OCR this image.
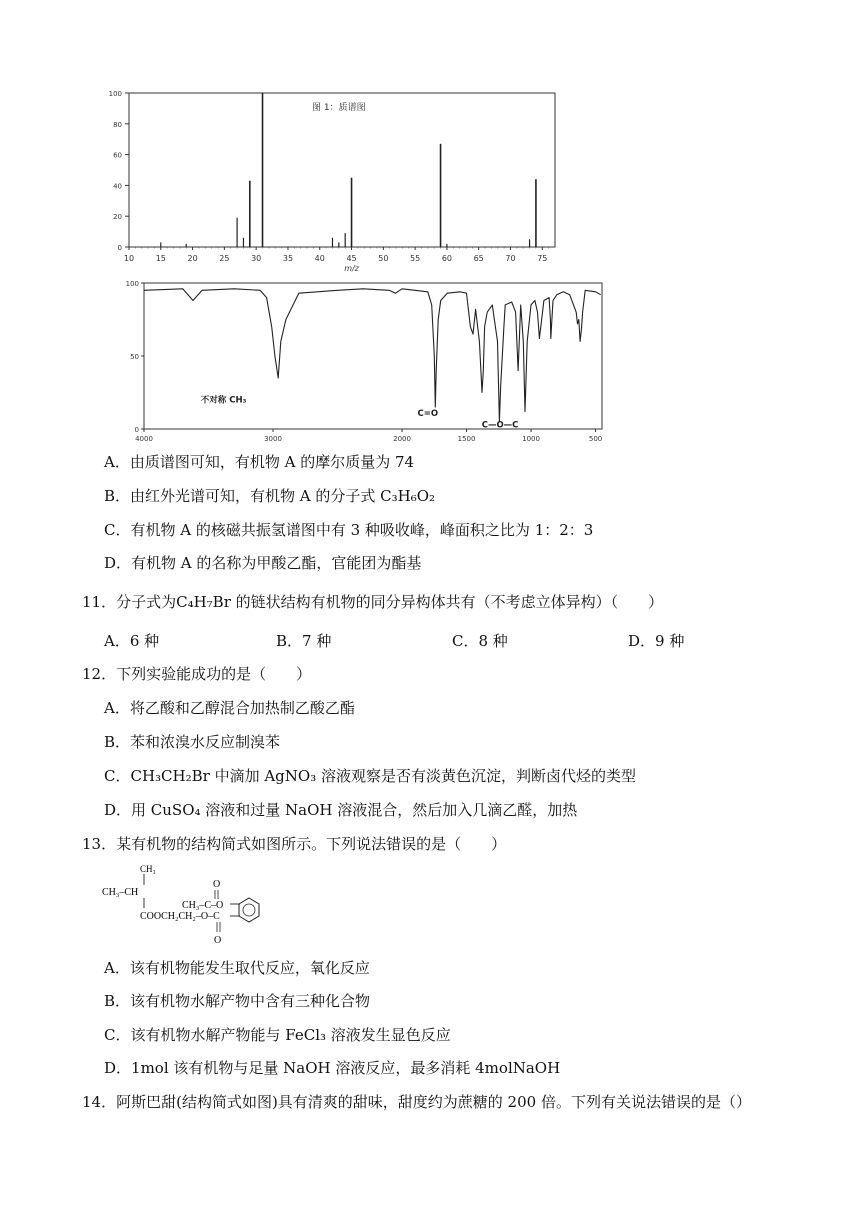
0
20
40
60
80
100
10	15	20	25	30	35	40	45	50	55	60	65	70	75
图 1：质谱图
m/z
0
50
100
4000	3000	2000	1500	1000	500
不对称 CH₃
C=O
C—O—C
A．由质谱图可知，有机物 A 的摩尔质量为 74
B．由红外光谱可知，有机物 A 的分子式 C₃H₆O₂
C．有机物 A 的核磁共振氢谱图中有 3 种吸收峰，峰面积之比为 1：2：3
D．有机物 A 的名称为甲酸乙酯，官能团为酯基
11．分子式为C₄H₇Br 的链状结构有机物的同分异构体共有（不考虑立体异构）（　　）
A．6 种	B．7 种	C．8 种	D．9 种
12．下列实验能成功的是（　　）
A．将乙酸和乙醇混合加热制乙酸乙酯
B．苯和浓溴水反应制溴苯
C．CH₃CH₂Br 中滴加 AgNO₃ 溶液观察是否有淡黄色沉淀，判断卤代烃的类型
D．用 CuSO₄ 溶液和过量 NaOH 溶液混合，然后加入几滴乙醛，加热
13．某有机物的结构简式如图所示。下列说法错误的是（　　）
CH₃
CH₃–CH
COOCH₂CH₂–O–C
CH₃–C–O
O
O
A．该有机物能发生取代反应，氧化反应
B．该有机物水解产物中含有三种化合物
C．该有机物水解产物能与 FeCl₃ 溶液发生显色反应
D．1mol 该有机物与足量 NaOH 溶液反应，最多消耗 4molNaOH
14．阿斯巴甜(结构简式如图)具有清爽的甜味，甜度约为蔗糖的 200 倍。下列有关说法错误的是（）
